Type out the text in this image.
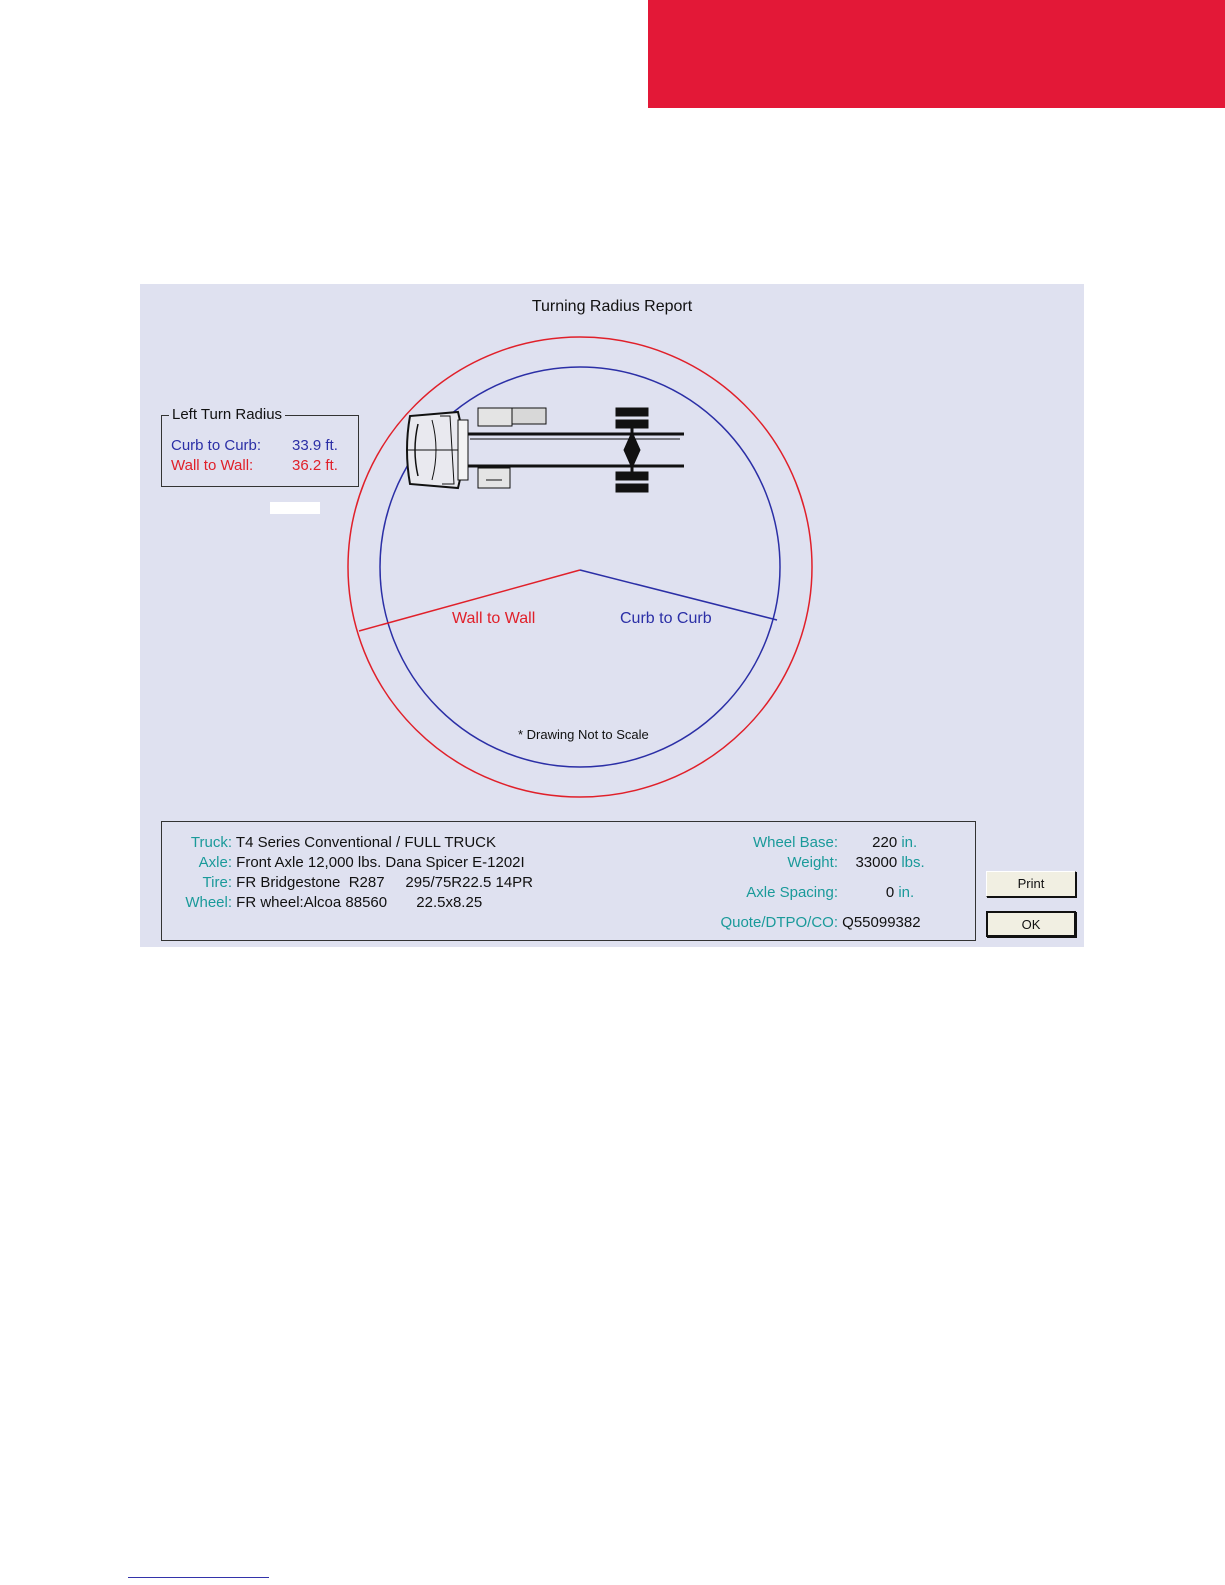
Turning Radius Report
Wall to Wall	Curb to Curb
* Drawing Not to Scale
Left Turn Radius
Curb to Curb: 33.9 ft.
Wall to Wall:	36.2 ft.
Truck: T4 Series Conventional / FULL TRUCK
Axle: Front Axle 12,000 lbs. Dana Spicer E-1202I
Tire: FR Bridgestone  R287     295/75R22.5 14PR
Wheel: FR wheel:Alcoa 88560       22.5x8.25
Wheel Base: 220 in.
Weight: 33000 lbs.
Axle Spacing:	0 in.
Quote/DTPO/CO: Q55099382
Print
OK
